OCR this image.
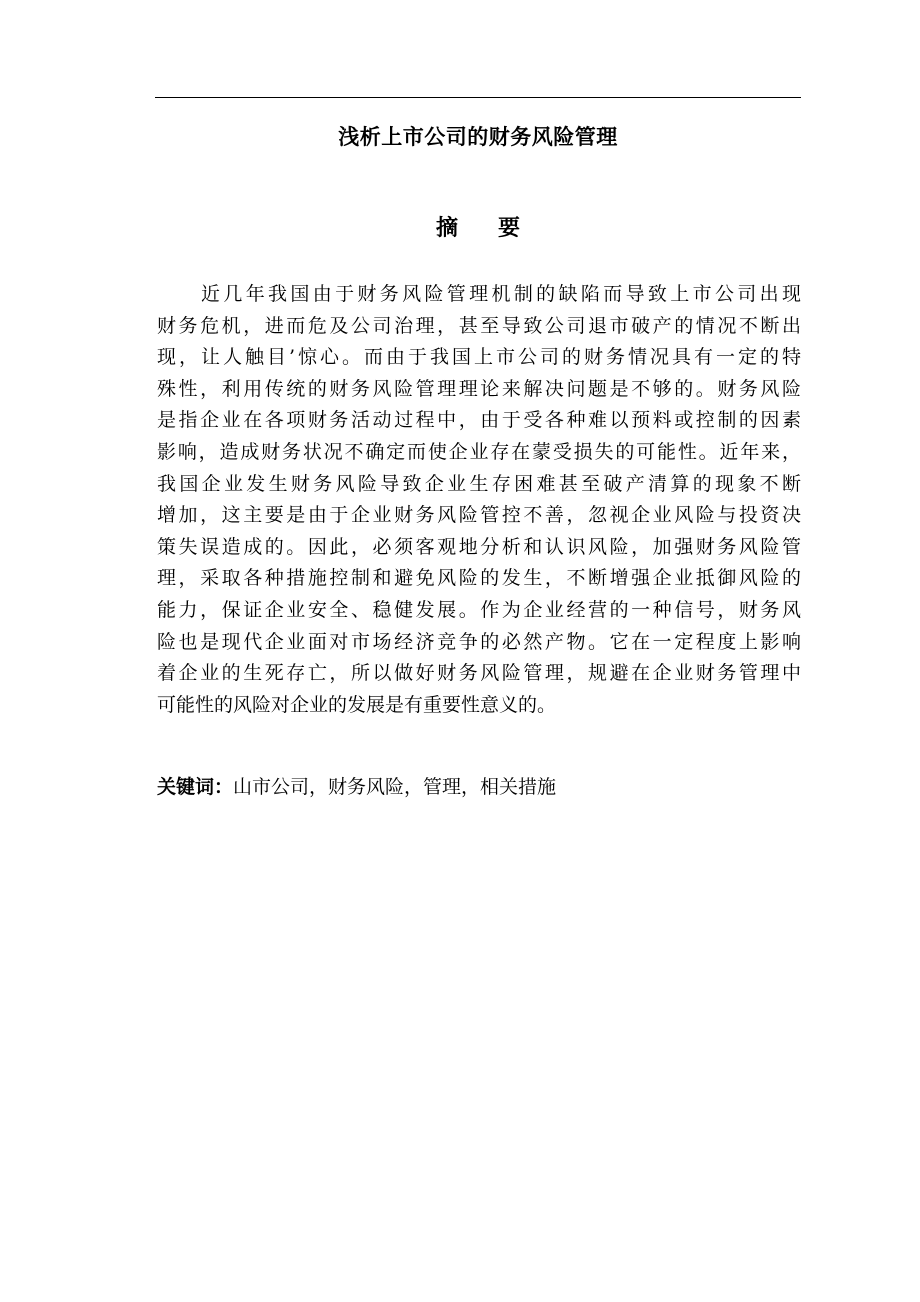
浅析上市公司的财务风险管理
摘要
近几年我国由于财务风险管理机制的缺陷而导致上市公司出现
财务危机，进而危及公司治理，甚至导致公司退市破产的情况不断出
现，让人触目’惊心。而由于我国上市公司的财务情况具有一定的特
殊性，利用传统的财务风险管理理论来解决问题是不够的。财务风险
是指企业在各项财务活动过程中，由于受各种难以预料或控制的因素
影响，造成财务状况不确定而使企业存在蒙受损失的可能性。近年来，
我国企业发生财务风险导致企业生存困难甚至破产清算的现象不断
增加，这主要是由于企业财务风险管控不善，忽视企业风险与投资决
策失误造成的。因此，必须客观地分析和认识风险，加强财务风险管
理，采取各种措施控制和避免风险的发生，不断增强企业抵御风险的
能力，保证企业安全、稳健发展。作为企业经营的一种信号，财务风
险也是现代企业面对市场经济竞争的必然产物。它在一定程度上影响
着企业的生死存亡，所以做好财务风险管理，规避在企业财务管理中
可能性的风险对企业的发展是有重要性意义的。
关键词：山市公司，财务风险，管理，相关措施
